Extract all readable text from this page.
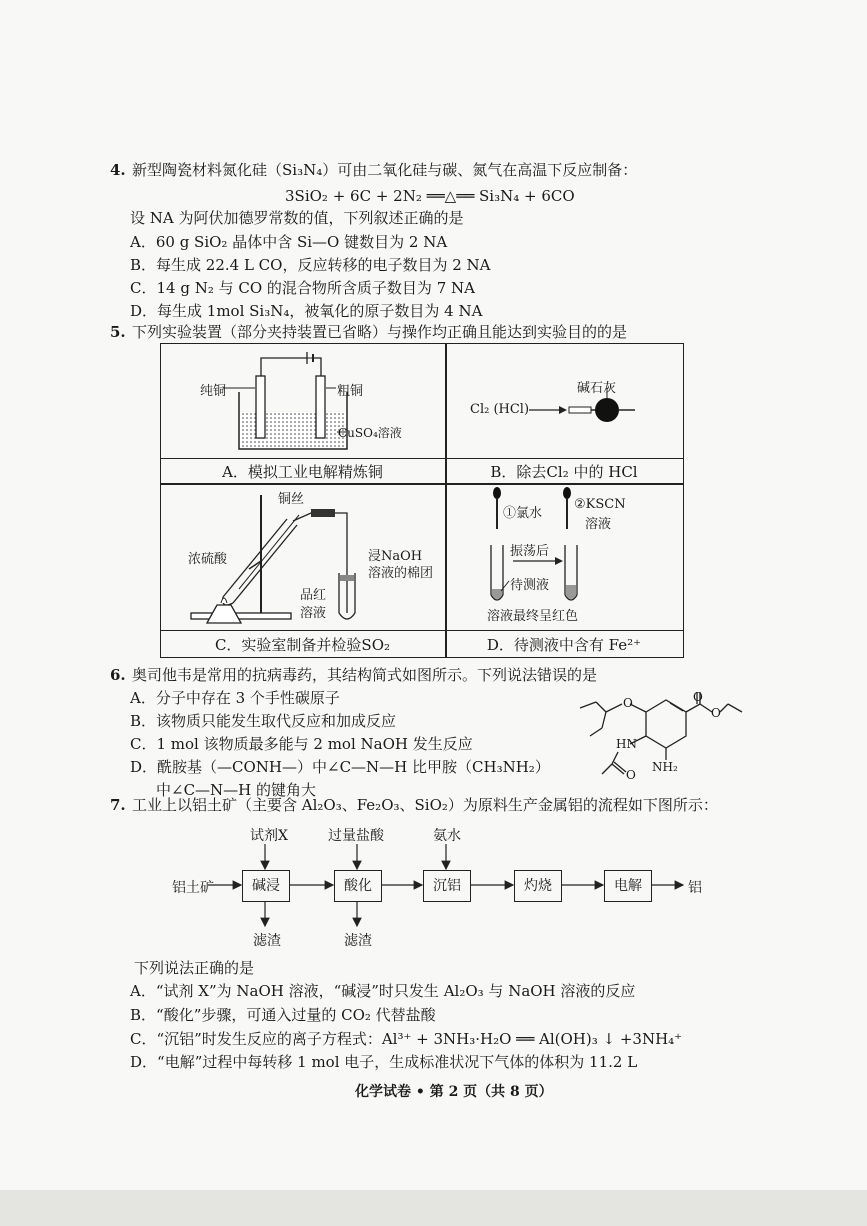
4. 新型陶瓷材料氮化硅（Si₃N₄）可由二氧化硅与碳、氮气在高温下反应制备：
3SiO₂ + 6C + 2N₂ ══△══ Si₃N₄ + 6CO
设 NA 为阿伏加德罗常数的值，下列叙述正确的是
A．60 g SiO₂ 晶体中含 Si—O 键数目为 2 NA
B．每生成 22.4 L CO，反应转移的电子数目为 2 NA
C．14 g N₂ 与 CO 的混合物所含质子数目为 7 NA
D．每生成 1mol Si₃N₄，被氧化的原子数目为 4 NA
5. 下列实验装置（部分夹持装置已省略）与操作均正确且能达到实验目的的是
纯铜	粗铜
CuSO₄溶液
A．模拟工业电解精炼铜
Cl₂ (HCl)
碱石灰
B．除去Cl₂ 中的 HCl
铜丝
浓硫酸	浸NaOH
溶液的棉团
品红
溶液
C．实验室制备并检验SO₂
①氯水
②KSCN
溶液
振荡后
待测液
溶液最终呈红色
D．待测液中含有 Fe²⁺
6. 奥司他韦是常用的抗病毒药，其结构简式如图所示。下列说法错误的是
A．分子中存在 3 个手性碳原子
B．该物质只能发生取代反应和加成反应
C．1 mol 该物质最多能与 2 mol NaOH 发生反应
D．酰胺基（—CONH—）中∠C—N—H 比甲胺（CH₃NH₂）
中∠C—N—H 的键角大
O	O
O
HN
O
NH₂
7. 工业上以铝土矿（主要含 Al₂O₃、Fe₂O₃、SiO₂）为原料生产金属铝的流程如下图所示：
试剂X	过量盐酸	氨水
铝土矿	碱浸	酸化	沉铝	灼烧	电解	铝
滤渣	滤渣
下列说法正确的是
A．“试剂 X”为 NaOH 溶液，“碱浸”时只发生 Al₂O₃ 与 NaOH 溶液的反应
B．“酸化”步骤，可通入过量的 CO₂ 代替盐酸
C．“沉铝”时发生反应的离子方程式：Al³⁺ + 3NH₃·H₂O ══ Al(OH)₃ ↓ +3NH₄⁺
D．“电解”过程中每转移 1 mol 电子，生成标准状况下气体的体积为 11.2 L
化学试卷 • 第 2 页（共 8 页）
